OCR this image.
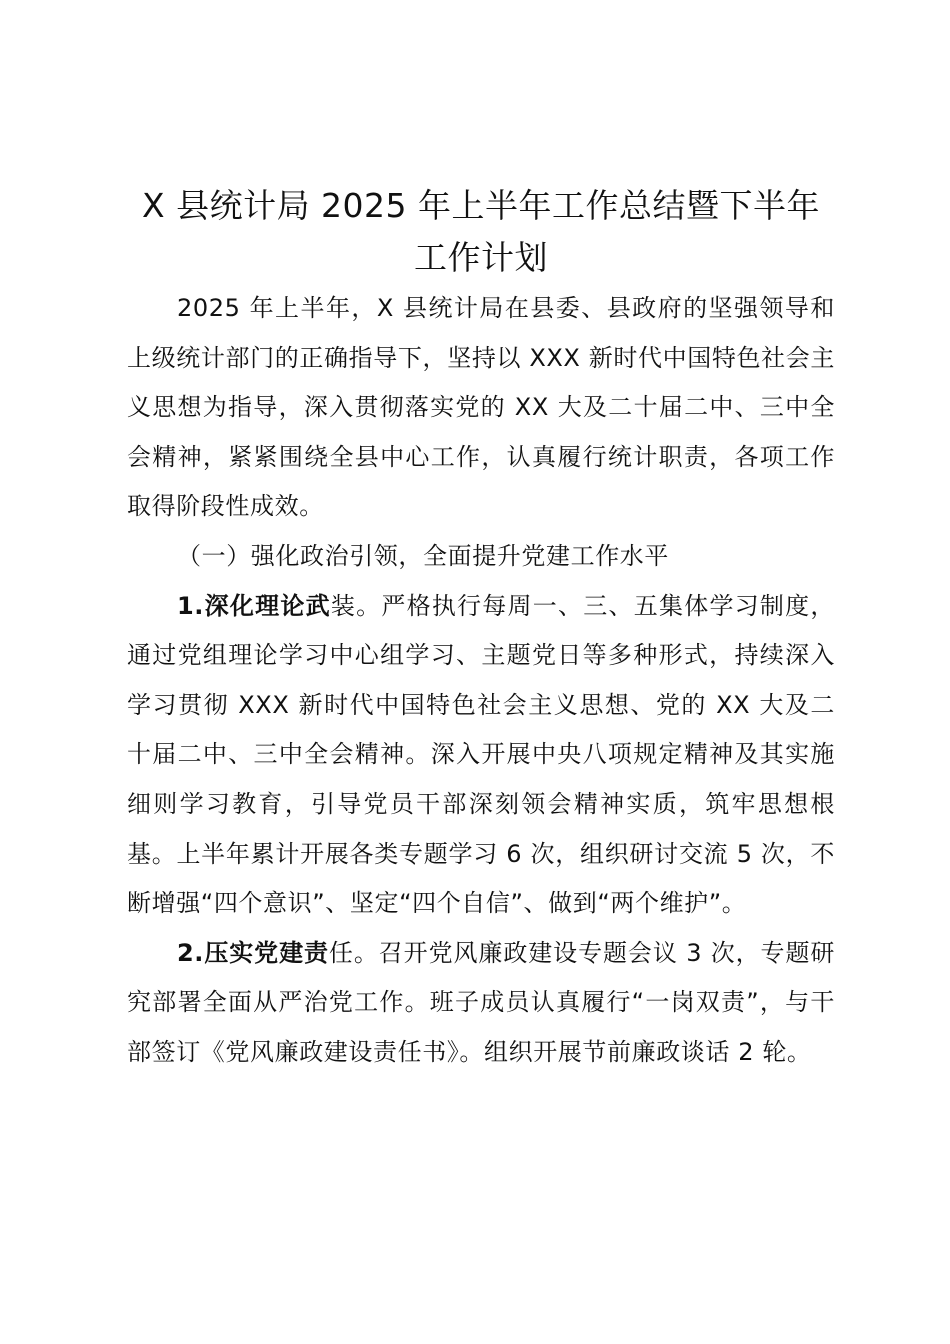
X 县统计局 2025 年上半年工作总结暨下半年工作计划

2025 年上半年，X 县统计局在县委、县政府的坚强领导和上级统计部门的正确指导下，坚持以 XXX 新时代中国特色社会主义思想为指导，深入贯彻落实党的 XX 大及二十届二中、三中全会精神，紧紧围绕全县中心工作，认真履行统计职责，各项工作取得阶段性成效。

（一）强化政治引领，全面提升党建工作水平

1.深化理论武装。严格执行每周一、三、五集体学习制度，通过党组理论学习中心组学习、主题党日等多种形式，持续深入学习贯彻 XXX 新时代中国特色社会主义思想、党的 XX 大及二十届二中、三中全会精神。深入开展中央八项规定精神及其实施细则学习教育，引导党员干部深刻领会精神实质，筑牢思想根基。上半年累计开展各类专题学习 6 次，组织研讨交流 5 次，不断增强“四个意识”、坚定“四个自信”、做到“两个维护”。

2.压实党建责任。召开党风廉政建设专题会议 3 次，专题研究部署全面从严治党工作。班子成员认真履行“一岗双责”，与干部签订《党风廉政建设责任书》。组织开展节前廉政谈话 2 轮。
